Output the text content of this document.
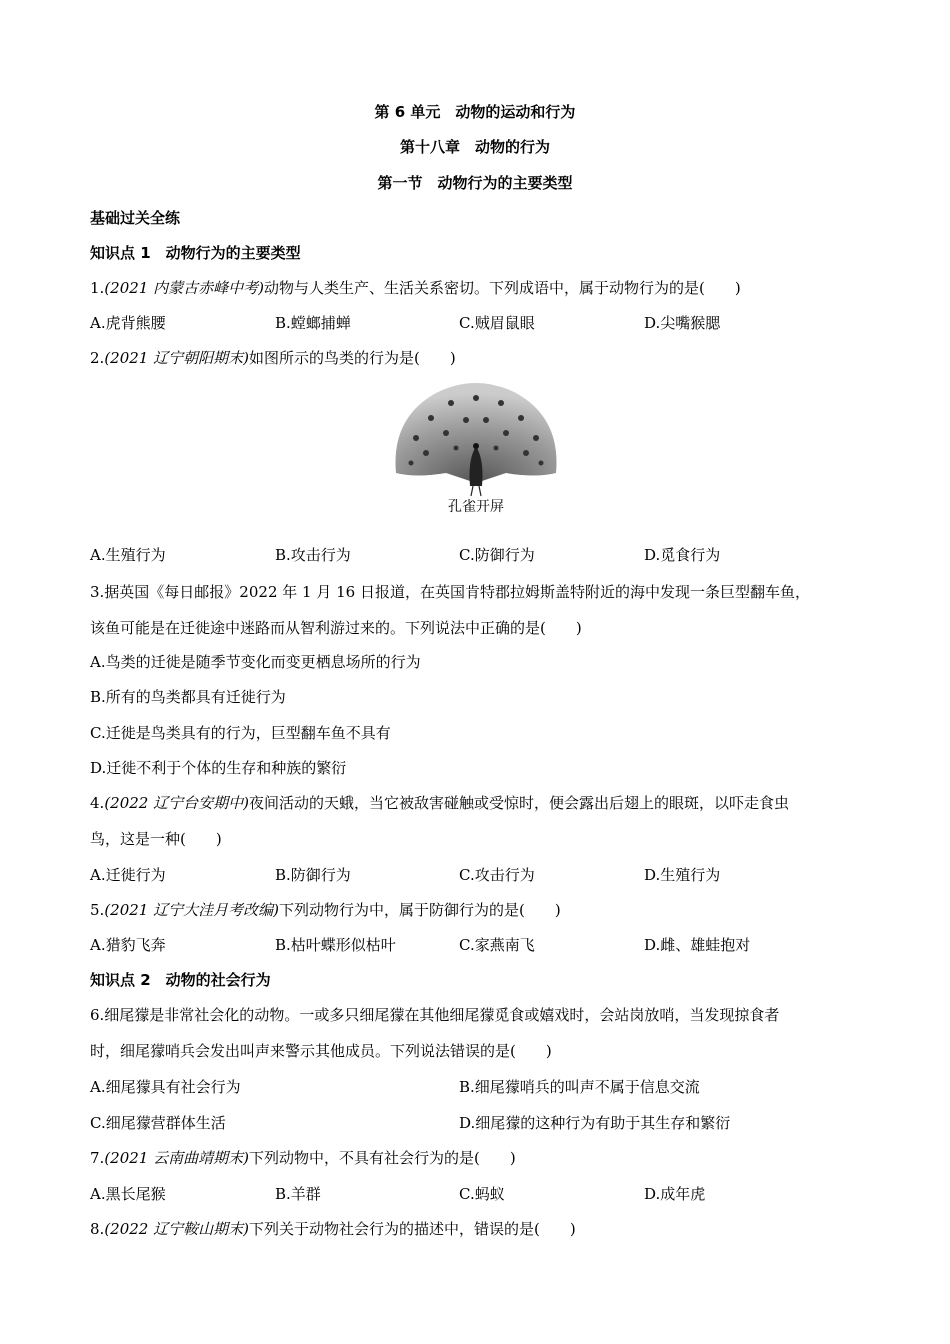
第 6 单元　动物的运动和行为
第十八章　动物的行为
第一节　动物行为的主要类型
基础过关全练
知识点 1　动物行为的主要类型
1.(2021 内蒙古赤峰中考)动物与人类生产、生活关系密切。下列成语中，属于动物行为的是(　　)
A.虎背熊腰	B.螳螂捕蝉	C.贼眉鼠眼	D.尖嘴猴腮
2.(2021 辽宁朝阳期末)如图所示的鸟类的行为是(　　)
孔雀开屏
A.生殖行为	B.攻击行为	C.防御行为	D.觅食行为
3.据英国《每日邮报》2022 年 1 月 16 日报道，在英国肯特郡拉姆斯盖特附近的海中发现一条巨型翻车鱼，
该鱼可能是在迁徙途中迷路而从智利游过来的。下列说法中正确的是(　　)
A.鸟类的迁徙是随季节变化而变更栖息场所的行为
B.所有的鸟类都具有迁徙行为
C.迁徙是鸟类具有的行为，巨型翻车鱼不具有
D.迁徙不利于个体的生存和种族的繁衍
4.(2022 辽宁台安期中)夜间活动的天蛾，当它被敌害碰触或受惊时，便会露出后翅上的眼斑，以吓走食虫
鸟，这是一种(　　)
A.迁徙行为	B.防御行为	C.攻击行为	D.生殖行为
5.(2021 辽宁大洼月考改编)下列动物行为中，属于防御行为的是(　　)
A.猎豹飞奔	B.枯叶蝶形似枯叶	C.家燕南飞	D.雌、雄蛙抱对
知识点 2　动物的社会行为
6.细尾獴是非常社会化的动物。一或多只细尾獴在其他细尾獴觅食或嬉戏时，会站岗放哨，当发现掠食者
时，细尾獴哨兵会发出叫声来警示其他成员。下列说法错误的是(　　)
A.细尾獴具有社会行为	B.细尾獴哨兵的叫声不属于信息交流
C.细尾獴营群体生活	D.细尾獴的这种行为有助于其生存和繁衍
7.(2021 云南曲靖期末)下列动物中，不具有社会行为的是(　　)
A.黑长尾猴	B.羊群	C.蚂蚁	D.成年虎
8.(2022 辽宁鞍山期末)下列关于动物社会行为的描述中，错误的是(　　)
